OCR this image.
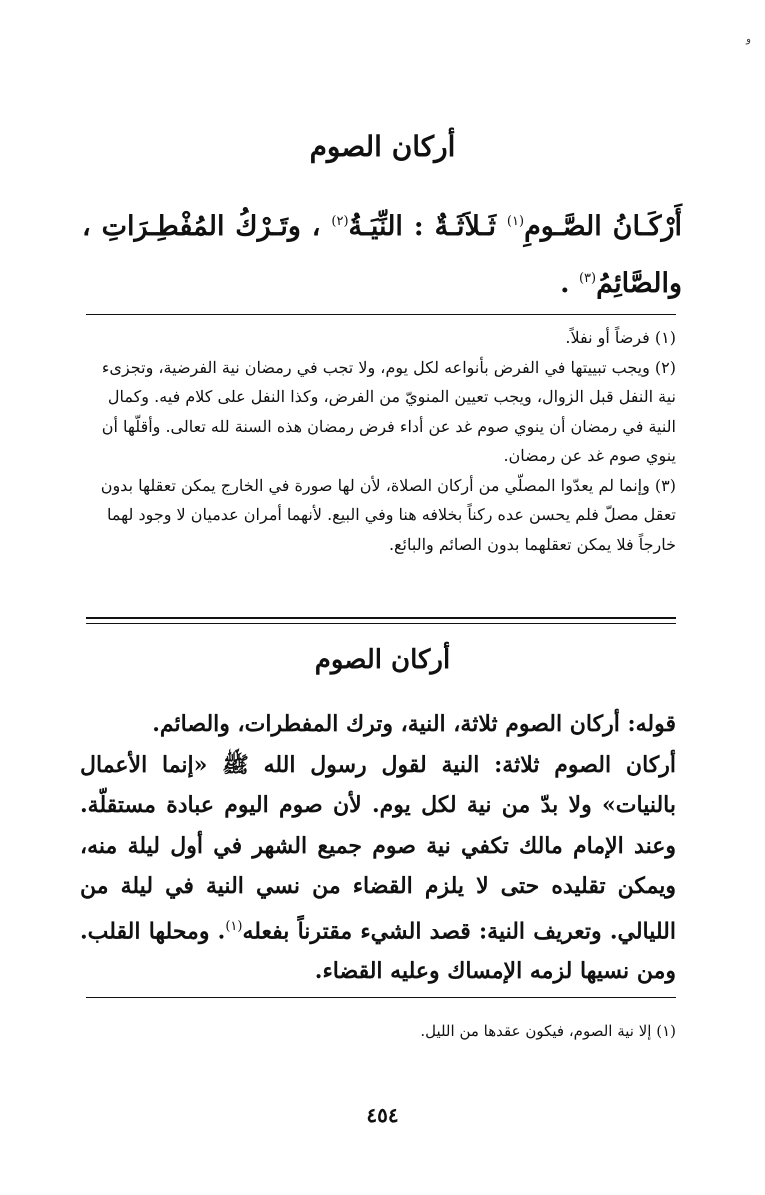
ﻭ
أركان الصوم
أَرْكَـانُ الصَّـومِ$^{(١)}$ ثَـلاَثَـةٌ : النِّيَـةُ$^{(٢)}$ ، وتَـرْكُ المُفْطِـرَاتِ ، والصَّائِمُ$^{(٣)}$ .

(١) فرضاً أو نفلاً.

(٢) ويجب تبييتها في الفرض بأنواعه لكل يوم، ولا تجب في رمضان نية الفرضية، وتجزىء نية النفل قبل الزوال، ويجب تعيين المنويّ من الفرض، وكذا النفل على كلام فيه. وكمال النية في رمضان أن ينوي صوم غد عن أداء فرض رمضان هذه السنة لله تعالى. وأقلّها أن ينوي صوم غد عن رمضان.

(٣) وإنما لم يعدّوا المصلّي من أركان الصلاة، لأن لها صورة في الخارج يمكن تعقلها بدون تعقل مصلّ فلم يحسن عده ركناً بخلافه هنا وفي البيع. لأنهما أمران عدميان لا وجود لهما خارجاً فلا يمكن تعقلهما بدون الصائم والبائع.

أركان الصوم

قوله: أركان الصوم ثلاثة، النية، وترك المفطرات، والصائم.

أركان الصوم ثلاثة: النية لقول رسول الله ﷺ «إنما الأعمال بالنيات» ولا بدّ من نية لكل يوم. لأن صوم اليوم عبادة مستقلّة. وعند الإمام مالك تكفي نية صوم جميع الشهر في أول ليلة منه، ويمكن تقليده حتى لا يلزم القضاء من نسي النية في ليلة من الليالي. وتعريف النية: قصد الشيء مقترناً بفعله$^{(١)}$. ومحلها القلب. ومن نسيها لزمه الإمساك وعليه القضاء.

(١) إلا نية الصوم، فيكون عقدها من الليل.

٤٥٤
